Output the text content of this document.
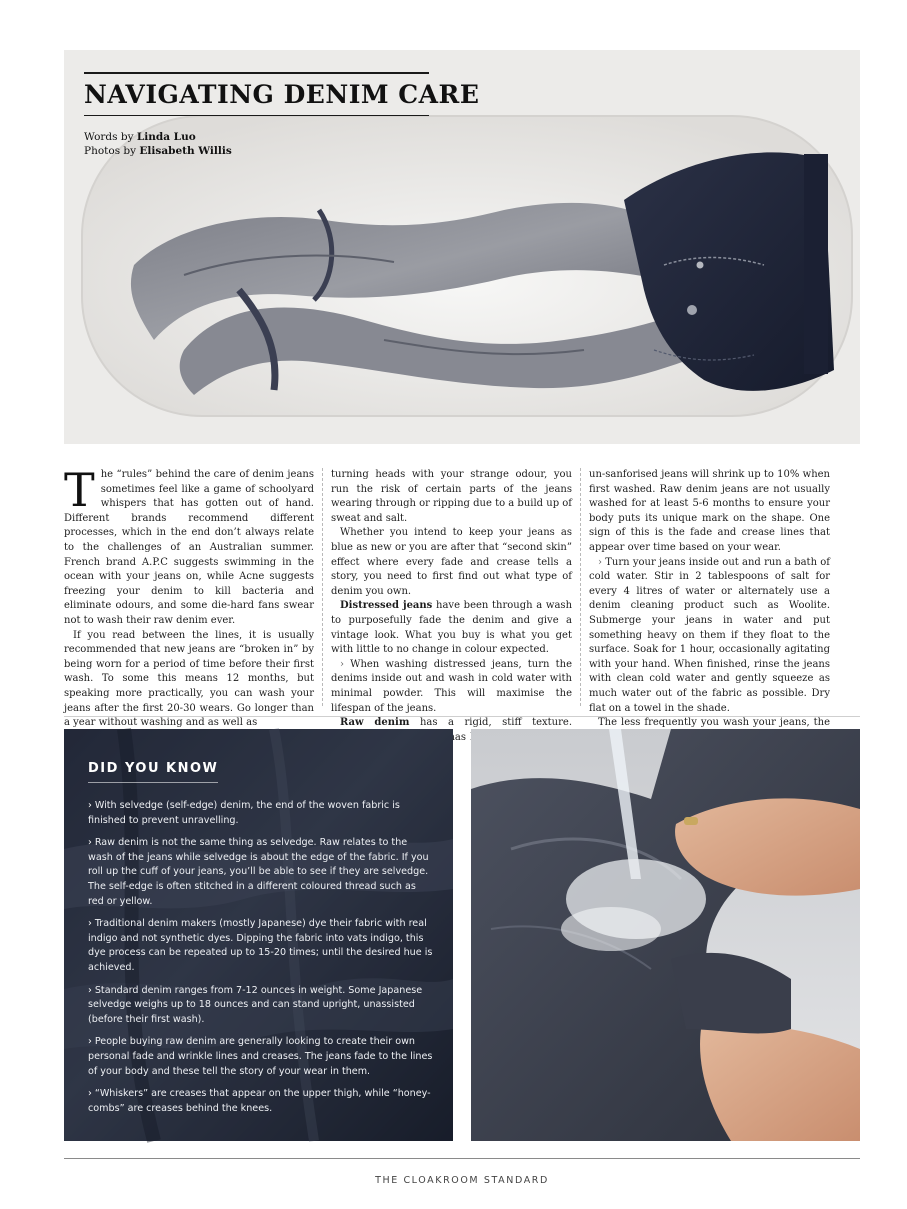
NAVIGATING DENIM CARE
Words by Linda Luo
Photos by Elisabeth Willis

The “rules” behind the care of denim jeans sometimes feel like a game of schoolyard whispers that has gotten out of hand. Different brands recommend different processes, which in the end don’t always relate to the challenges of an Australian summer. French brand A.P.C suggests swimming in the ocean with your jeans on, while Acne suggests freezing your denim to kill bacteria and eliminate odours, and some die-hard fans swear not to wash their raw denim ever.

If you read between the lines, it is usually recommended that new jeans are “broken in” by being worn for a period of time before their first wash. To some this means 12 months, but speaking more practically, you can wash your jeans after the first 20-30 wears. Go longer than a year without washing and as well as

turning heads with your strange odour, you run the risk of certain parts of the jeans wearing through or ripping due to a build up of sweat and salt.

Whether you intend to keep your jeans as blue as new or you are after that “second skin” effect where every fade and crease tells a story, you need to first find out what type of denim you own.

Distressed jeans have been through a wash to purposefully fade the denim and give a vintage look. What you buy is what you get with little to no change in colour expected.

› When washing distressed jeans, turn the denims inside out and wash in cold water with minimal powder. This will maximise the lifespan of the jeans.

Raw denim has a rigid, stiff texture. has

un-sanforised jeans will shrink up to 10% when first washed. Raw denim jeans are not usually washed for at least 5-6 months to ensure your body puts its unique mark on the shape. One sign of this is the fade and crease lines that appear over time based on your wear.

› Turn your jeans inside out and run a bath of cold water. Stir in 2 tablespoons of salt for every 4 litres of water or alternately use a denim cleaning product such as Woolite. Submerge your jeans in water and put something heavy on them if they float to the surface. Soak for 1 hour, occasionally agitating with your hand. When finished, rinse the jeans with clean cold water and gently squeeze as much water out of the fabric as possible. Dry flat on a towel in the shade.

The less frequently you wash your jeans, the

DID YOU KNOW

› With selvedge (self-edge) denim, the end of the woven fabric is finished to prevent unravelling.

› Raw denim is not the same thing as selvedge. Raw relates to the wash of the jeans while selvedge is about the edge of the fabric. If you roll up the cuff of your jeans, you’ll be able to see if they are selvedge. The self-edge is often stitched in a different coloured thread such as red or yellow.

› Traditional denim makers (mostly Japanese) dye their fabric with real indigo and not synthetic dyes. Dipping the fabric into vats indigo, this dye process can be repeated up to 15-20 times; until the desired hue is achieved.

› Standard denim ranges from 7-12 ounces in weight. Some Japanese selvedge weighs up to 18 ounces and can stand upright, unassisted (before their first wash).

› People buying raw denim are generally looking to create their own personal fade and wrinkle lines and creases. The jeans fade to the lines of your body and these tell the story of your wear in them.

› “Whiskers” are creases that appear on the upper thigh, while “honey-combs” are creases behind the knees.

THE CLOAKROOM STANDARD
